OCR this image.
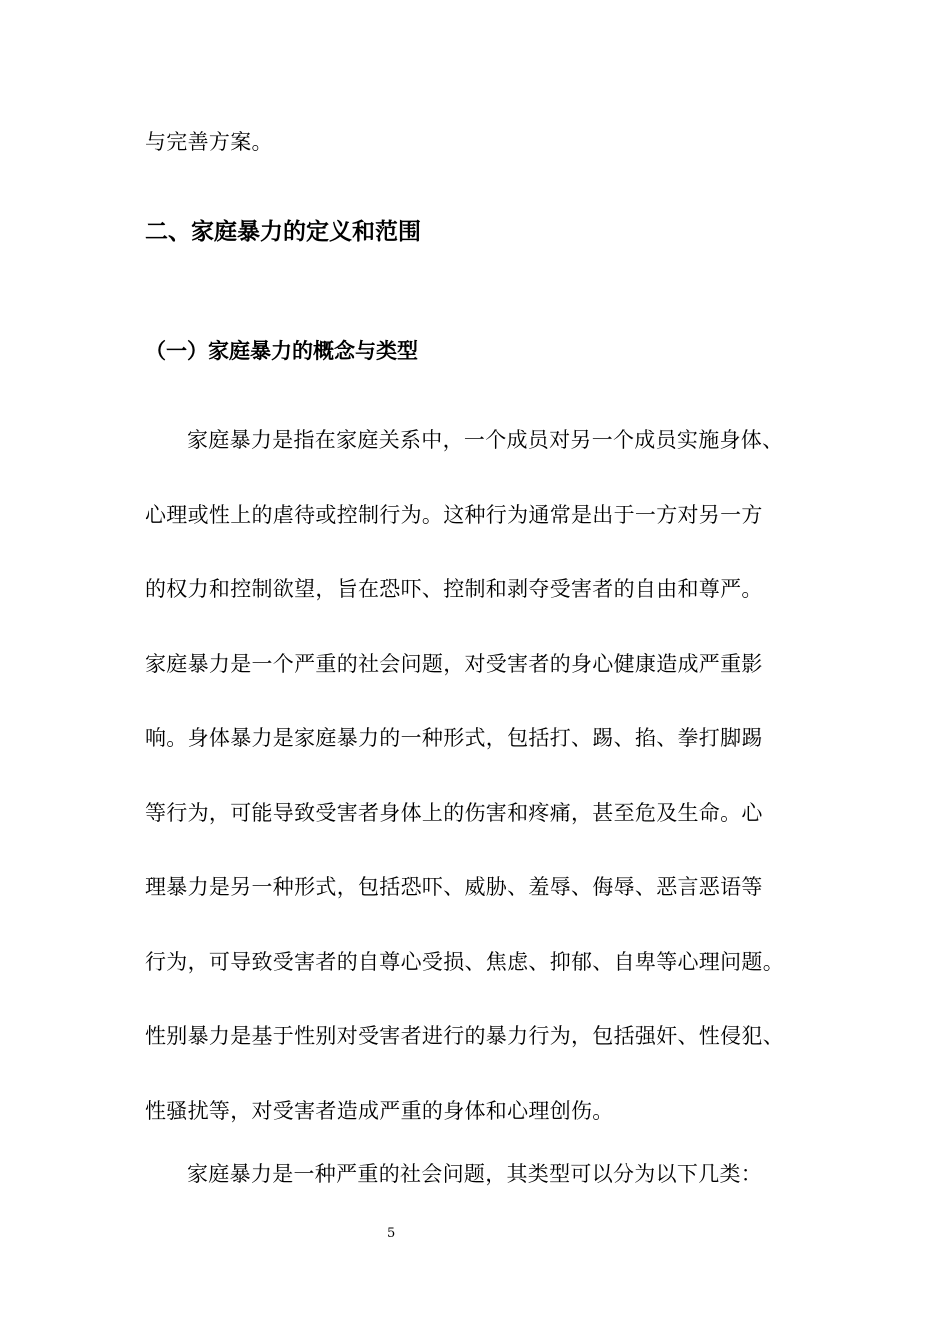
与完善方案。
二、家庭暴力的定义和范围
（一）家庭暴力的概念与类型
家庭暴力是指在家庭关系中，一个成员对另一个成员实施身体、
心理或性上的虐待或控制行为。这种行为通常是出于一方对另一方
的权力和控制欲望，旨在恐吓、控制和剥夺受害者的自由和尊严。
家庭暴力是一个严重的社会问题，对受害者的身心健康造成严重影
响。身体暴力是家庭暴力的一种形式，包括打、踢、掐、拳打脚踢
等行为，可能导致受害者身体上的伤害和疼痛，甚至危及生命。心
理暴力是另一种形式，包括恐吓、威胁、羞辱、侮辱、恶言恶语等
行为，可导致受害者的自尊心受损、焦虑、抑郁、自卑等心理问题。
性别暴力是基于性别对受害者进行的暴力行为，包括强奸、性侵犯、
性骚扰等，对受害者造成严重的身体和心理创伤。
家庭暴力是一种严重的社会问题，其类型可以分为以下几类：
5
